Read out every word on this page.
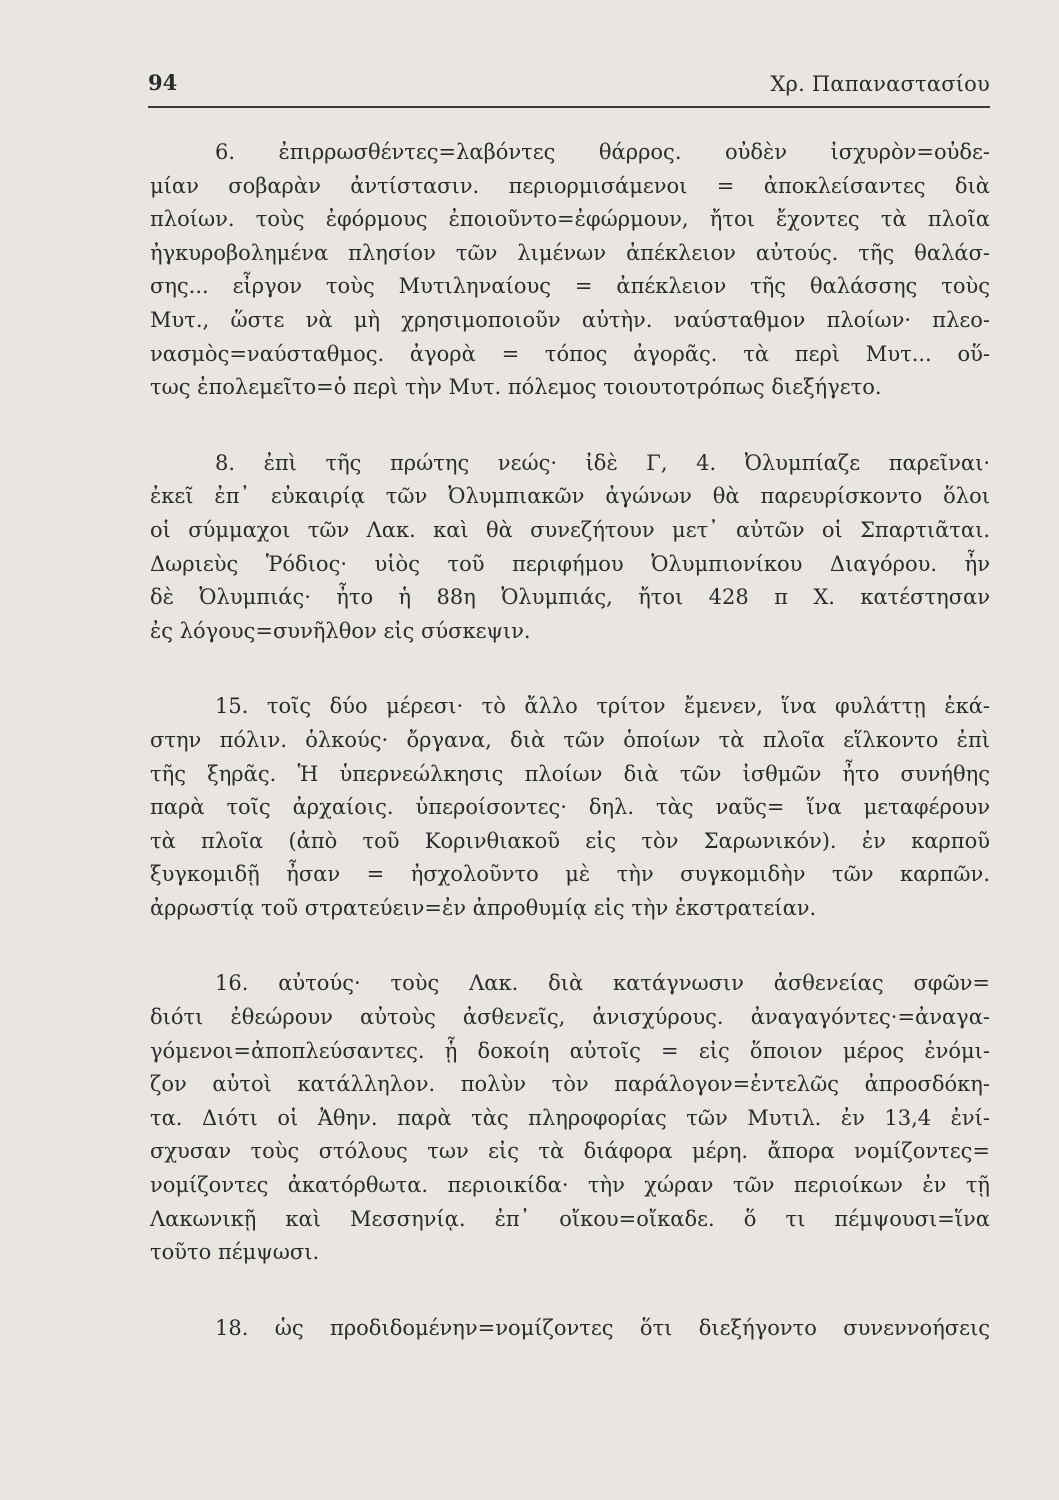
94	Χρ. Παπαναστασίου
6. ἐπιρρωσθέντες=λαβόντες θάρρος. οὐδὲν ἰσχυρὸν=οὐδε-
μίαν σοβαρὰν ἀντίστασιν. περιορμισάμενοι = ἀποκλείσαντες διὰ
πλοίων. τοὺς ἐφόρμους ἐποιοῦντο=ἐφώρμουν, ἤτοι ἔχοντες τὰ πλοῖα
ἠγκυροβολημένα πλησίον τῶν λιμένων ἀπέκλειον αὐτούς. τῆς θαλάσ-
σης... εἶργον τοὺς Μυτιληναίους = ἀπέκλειον τῆς θαλάσσης τοὺς
Μυτ., ὥστε νὰ μὴ χρησιμοποιοῦν αὐτὴν. ναύσταθμον πλοίων· πλεο-
νασμὸς=ναύσταθμος. ἀγορὰ = τόπος ἀγορᾶς. τὰ περὶ Μυτ... οὕ-
τως ἐπολεμεῖτο=ὁ περὶ τὴν Μυτ. πόλεμος τοιουτοτρόπως διεξήγετο.
8. ἐπὶ τῆς πρώτης νεώς· ἰδὲ Γ, 4. Ὀλυμπίαζε παρεῖναι·
ἐκεῖ ἐπ᾽ εὐκαιρίᾳ τῶν Ὀλυμπιακῶν ἀγώνων θὰ παρευρίσκοντο ὅλοι
οἱ σύμμαχοι τῶν Λακ. καὶ θὰ συνεζήτουν μετ᾽ αὐτῶν οἱ Σπαρτιᾶται.
Δωριεὺς Ῥόδιος· υἱὸς τοῦ περιφήμου Ὀλυμπιονίκου Διαγόρου. ἦν
δὲ Ὀλυμπιάς· ἦτο ἡ 88η Ὀλυμπιάς, ἤτοι 428 π Χ. κατέστησαν
ἐς λόγους=συνῆλθον εἰς σύσκεψιν.
15. τοῖς δύο μέρεσι· τὸ ἄλλο τρίτον ἔμενεν, ἵνα φυλάττῃ ἑκά-
στην πόλιν. ὁλκούς· ὄργανα, διὰ τῶν ὁποίων τὰ πλοῖα εἵλκοντο ἐπὶ
τῆς ξηρᾶς. Ἡ ὑπερνεώλκησις πλοίων διὰ τῶν ἰσθμῶν ἦτο συνήθης
παρὰ τοῖς ἀρχαίοις. ὑπεροίσοντες· δηλ. τὰς ναῦς= ἵνα μεταφέρουν
τὰ πλοῖα (ἀπὸ τοῦ Κορινθιακοῦ εἰς τὸν Σαρωνικόν). ἐν καρποῦ
ξυγκομιδῇ ἦσαν = ἠσχολοῦντο μὲ τὴν συγκομιδὴν τῶν καρπῶν.
ἀρρωστίᾳ τοῦ στρατεύειν=ἐν ἀπροθυμίᾳ εἰς τὴν ἐκστρατείαν.
16. αὐτούς· τοὺς Λακ. διὰ κατάγνωσιν ἀσθενείας σφῶν=
διότι ἐθεώρουν αὐτοὺς ἀσθενεῖς, ἀνισχύρους. ἀναγαγόντες·=ἀναγα-
γόμενοι=ἀποπλεύσαντες. ᾗ δοκοίη αὐτοῖς = εἰς ὅποιον μέρος ἐνόμι-
ζον αὐτοὶ κατάλληλον. πολὺν τὸν παράλογον=ἐντελῶς ἀπροσδόκη-
τα. Διότι οἱ Ἀθην. παρὰ τὰς πληροφορίας τῶν Μυτιλ. ἐν 13,4 ἐνί-
σχυσαν τοὺς στόλους των εἰς τὰ διάφορα μέρη. ἄπορα νομίζοντες=
νομίζοντες ἀκατόρθωτα. περιοικίδα· τὴν χώραν τῶν περιοίκων ἐν τῇ
Λακωνικῇ καὶ Μεσσηνίᾳ. ἐπ᾽ οἴκου=οἴκαδε. ὅ τι πέμψουσι=ἵνα
τοῦτο πέμψωσι.
18. ὡς προδιδομένην=νομίζοντες ὅτι διεξήγοντο συνεννοήσεις
